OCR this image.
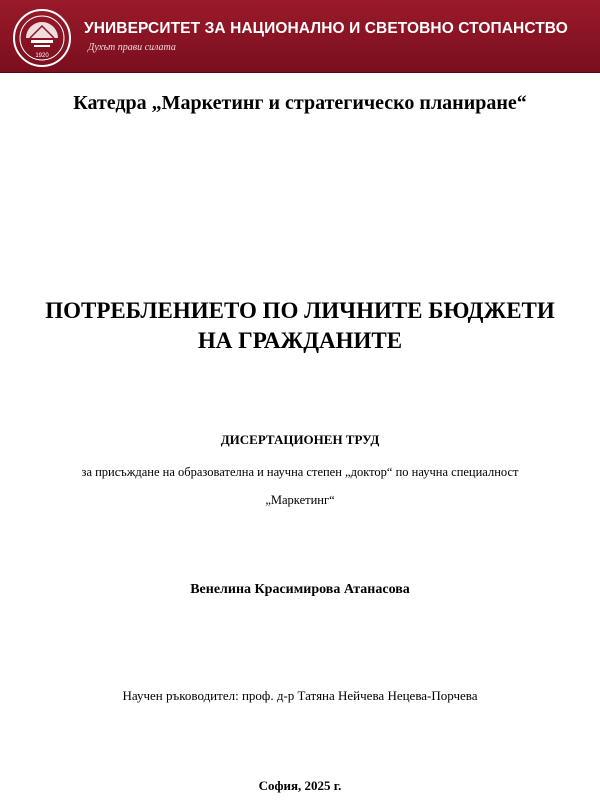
1920
УНИВЕРСИТЕТ ЗА НАЦИОНАЛНО И СВЕТОВНО СТОПАНСТВО
Духът прави силата
Катедра „Маркетинг и стратегическо планиране“
ПОТРЕБЛЕНИЕТО ПО ЛИЧНИТЕ БЮДЖЕТИ
НА ГРАЖДАНИТЕ
ДИСЕРТАЦИОНЕН ТРУД
за присъждане на образователна и научна степен „доктор“ по научна специалност
„Маркетинг“
Венелина Красимирова Атанасова
Научен ръководител: проф. д-р Татяна Нейчева Нецева-Порчева
София, 2025 г.
